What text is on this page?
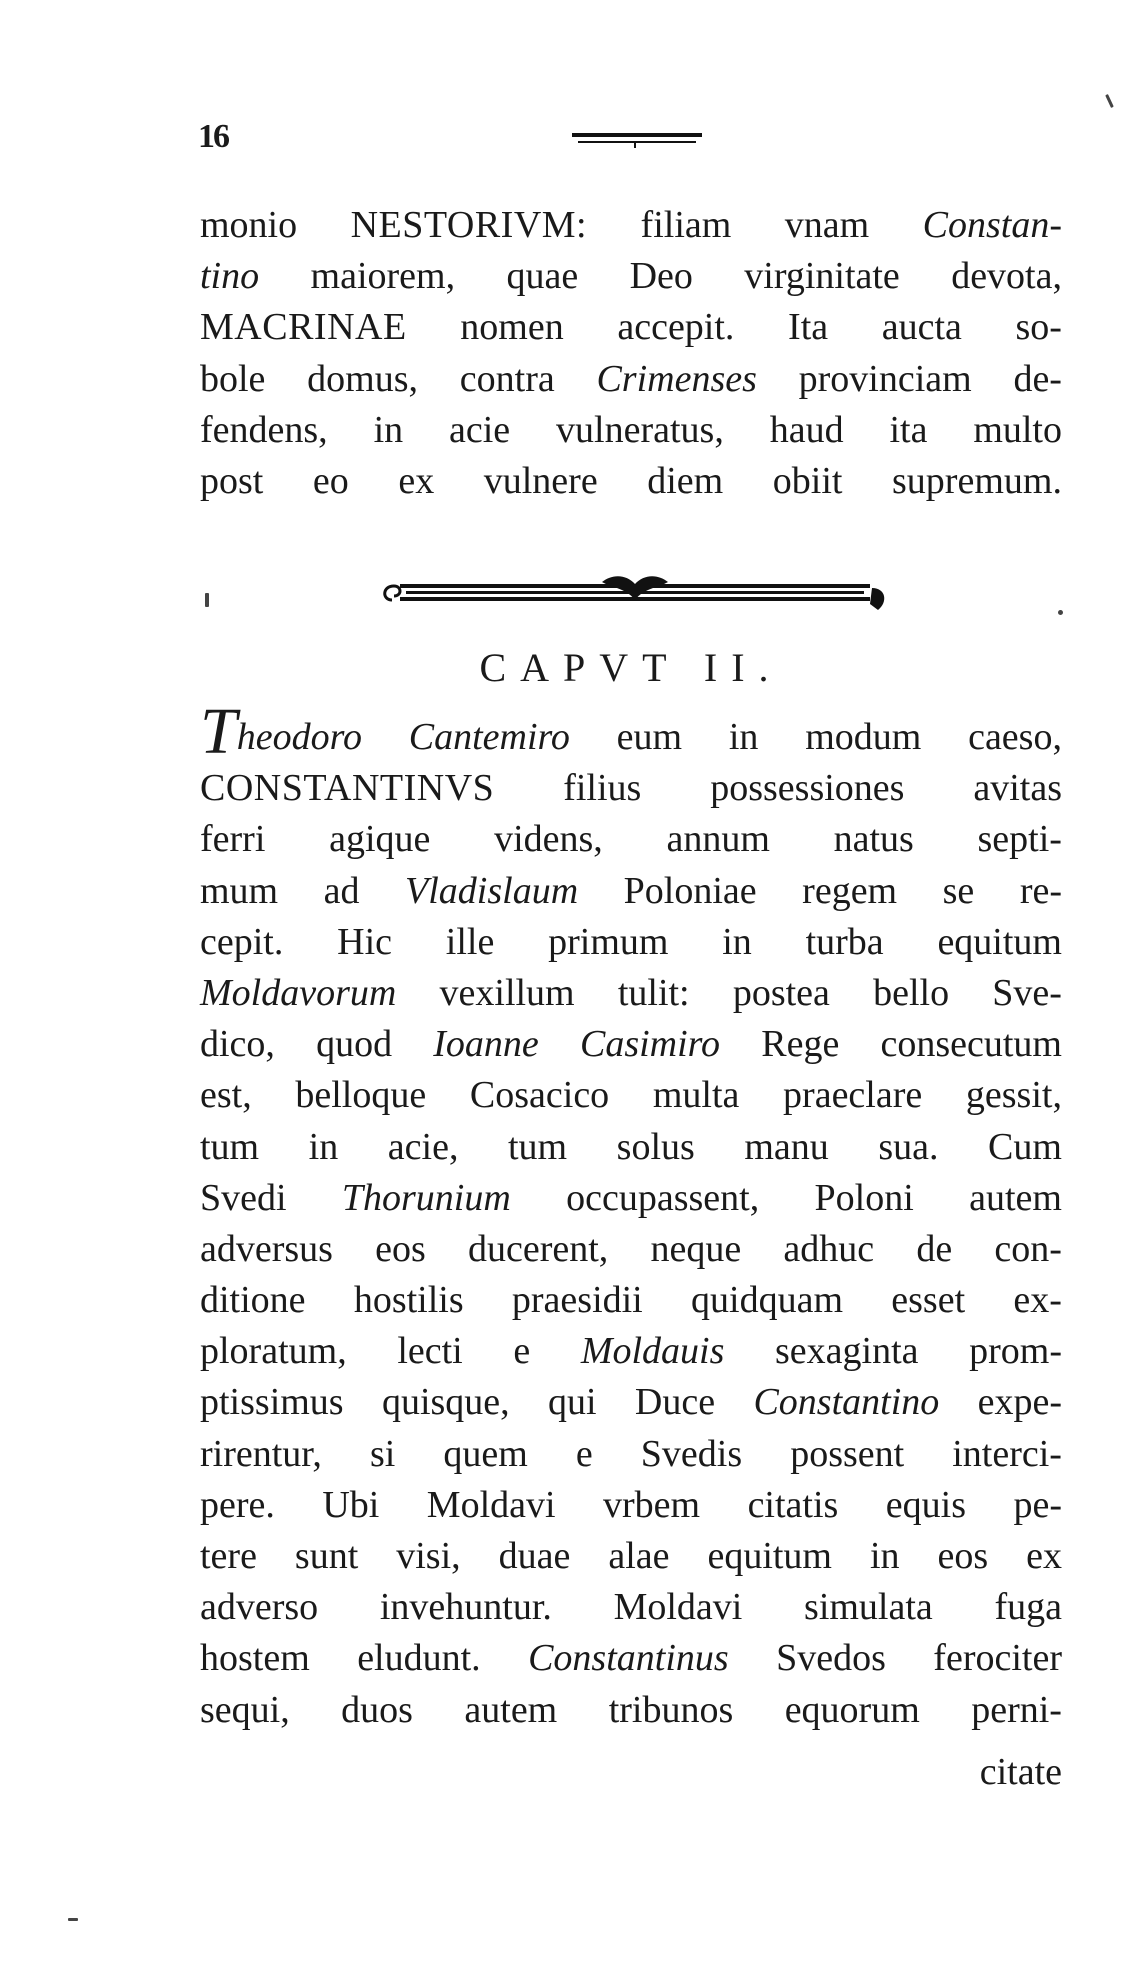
16
monio NESTORIVM: filiam vnam Constan-
tino maiorem, quae Deo virginitate devota,
MACRINAE nomen accepit. Ita aucta so-
bole domus, contra Crimenses provinciam de-
fendens, in acie vulneratus, haud ita multo
post eo ex vulnere diem obiit supremum.
CAPVT II.
Theodoro Cantemiro eum in modum caeso,
CONSTANTINVS filius possessiones avitas
ferri agique videns, annum natus septi-
mum ad Vladislaum Poloniae regem se re-
cepit. Hic ille primum in turba equitum
Moldavorum vexillum tulit: postea bello Sve-
dico, quod Ioanne Casimiro Rege consecutum
est, belloque Cosacico multa praeclare gessit,
tum in acie, tum solus manu sua. Cum
Svedi Thorunium occupassent, Poloni autem
adversus eos ducerent, neque adhuc de con-
ditione hostilis praesidii quidquam esset ex-
ploratum, lecti e Moldauis sexaginta prom-
ptissimus quisque, qui Duce Constantino expe-
rirentur, si quem e Svedis possent interci-
pere. Ubi Moldavi vrbem citatis equis pe-
tere sunt visi, duae alae equitum in eos ex
adverso invehuntur. Moldavi simulata fuga
hostem eludunt. Constantinus Svedos ferociter
sequi, duos autem tribunos equorum perni-
citate
